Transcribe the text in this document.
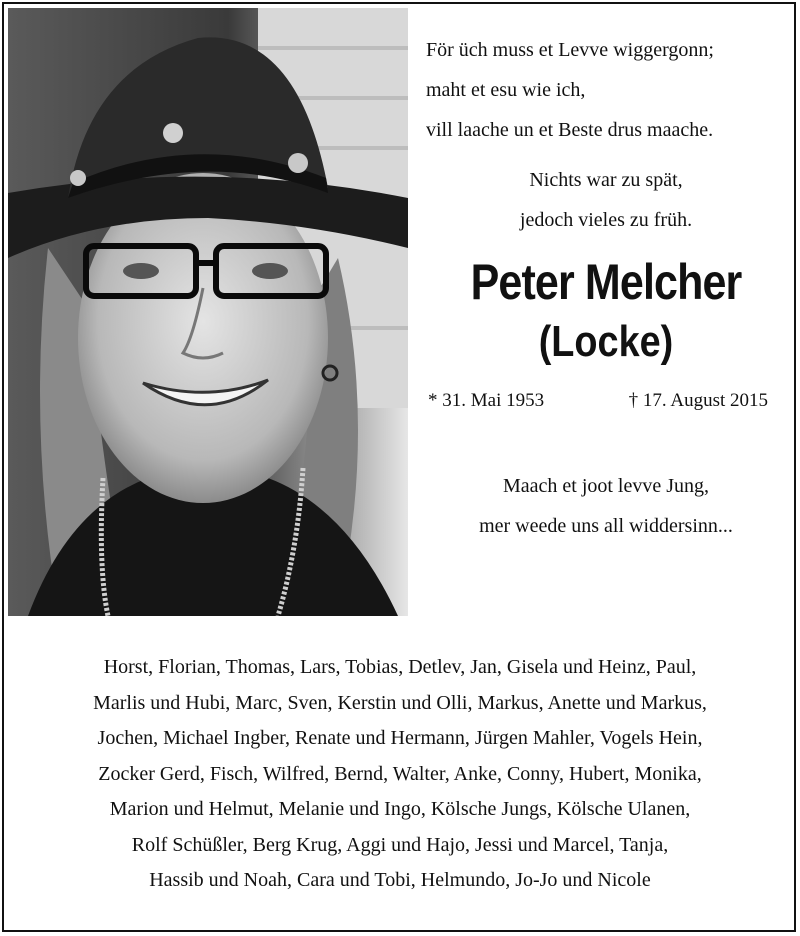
För üch muss et Levve wiggergonn;
maht et esu wie ich,
vill laache un et Beste drus maache.
Nichts war zu spät,
jedoch vieles zu früh.
Peter Melcher
(Locke)
* 31. Mai 1953	† 17. August 2015
Maach et joot levve Jung,
mer weede uns all widdersinn...
Horst, Florian, Thomas, Lars, Tobias, Detlev, Jan, Gisela und Heinz, Paul,
Marlis und Hubi, Marc, Sven, Kerstin und Olli, Markus, Anette und Markus,
Jochen, Michael Ingber, Renate und Hermann, Jürgen Mahler, Vogels Hein,
Zocker Gerd, Fisch, Wilfred, Bernd, Walter, Anke, Conny, Hubert, Monika,
Marion und Helmut, Melanie und Ingo, Kölsche Jungs, Kölsche Ulanen,
Rolf Schüßler, Berg Krug, Aggi und Hajo, Jessi und Marcel, Tanja,
Hassib und Noah, Cara und Tobi, Helmundo, Jo-Jo und Nicole
